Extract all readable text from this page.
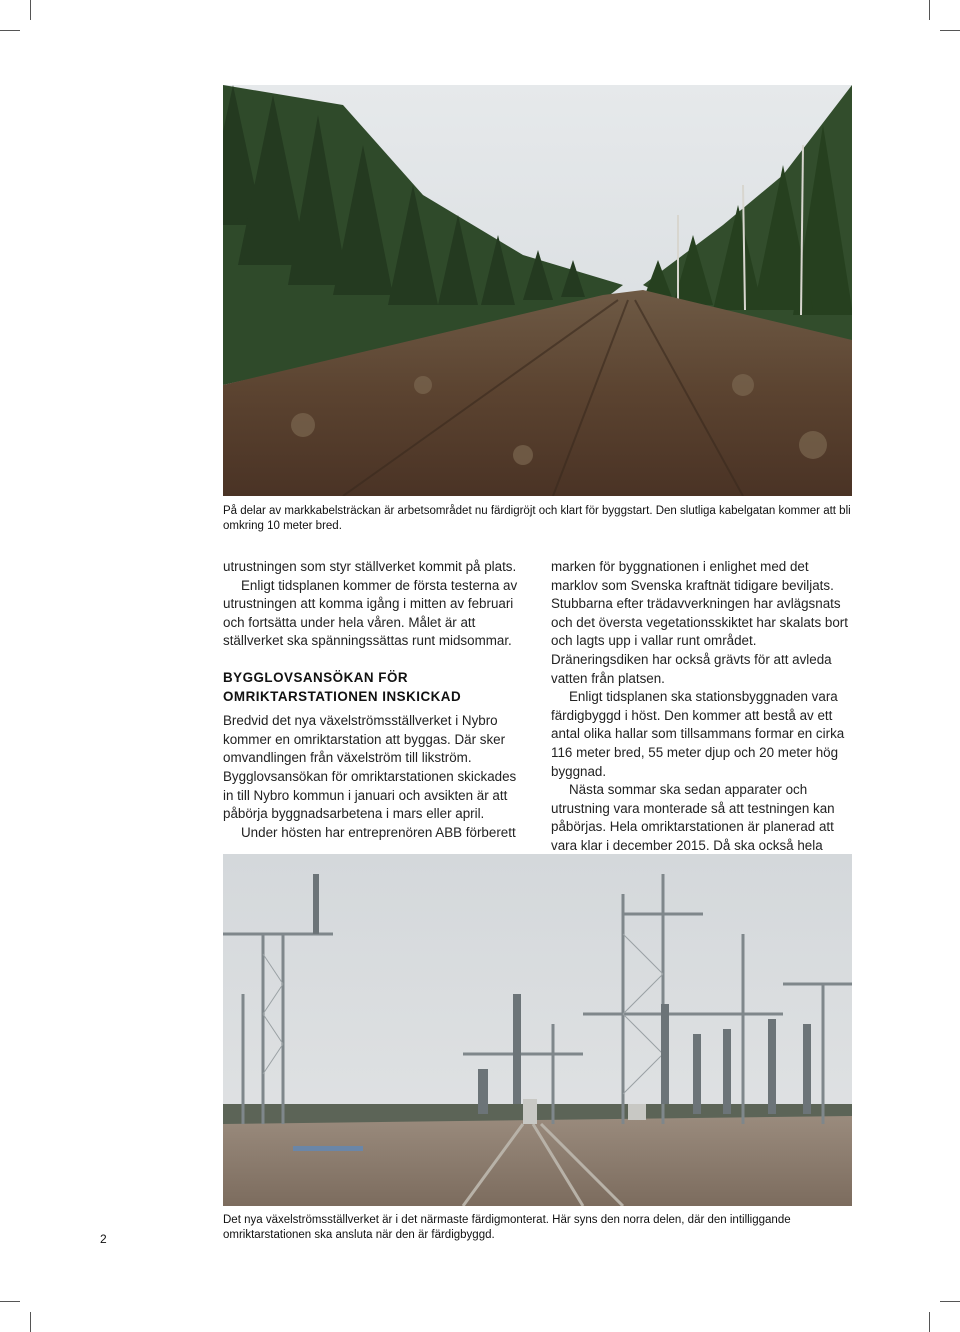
På delar av markkabelsträckan är arbetsområdet nu färdigröjt och klart för byggstart. Den slutliga kabelgatan kommer att bli omkring 10 meter bred.

utrustningen som styr ställverket kommit på plats.

Enligt tidsplanen kommer de första testerna av utrustningen att komma igång i mitten av februari och fortsätta under hela våren. Målet är att ställverket ska spänningssättas runt midsommar.

BYGGLOVSANSÖKAN FÖR OMRIKTARSTATIONEN INSKICKAD

Bredvid det nya växelströmsställverket i Nybro kommer en omriktarstation att byggas. Där sker omvandlingen från växelström till likström. Bygglovsansökan för omriktarstationen skickades in till Nybro kommun i januari och avsikten är att påbörja byggnadsarbetena i mars eller april.

Under hösten har entreprenören ABB förberett

marken för byggnationen i enlighet med det marklov som Svenska kraftnät tidigare beviljats. Stubbarna efter trädavverkningen har avlägsnats och det översta vegetationsskiktet har skalats bort och lagts upp i vallar runt området. Dräneringsdiken har också grävts för att avleda vatten från platsen.

Enligt tidsplanen ska stationsbyggnaden vara färdigbyggd i höst. Den kommer att bestå av ett antal olika hallar som tillsammans formar en cirka 116 meter bred, 55 meter djup och 20 meter hög byggnad.

Nästa sommar ska sedan apparater och utrustning vara monterade så att testningen kan påbörjas. Hela omriktarstationen är planerad att vara klar i december 2015. Då ska också hela

Det nya växelströmsställverket är i det närmaste färdigmonterat. Här syns den norra delen, där den intilliggande omriktarstationen ska ansluta när den är färdigbyggd.
2
